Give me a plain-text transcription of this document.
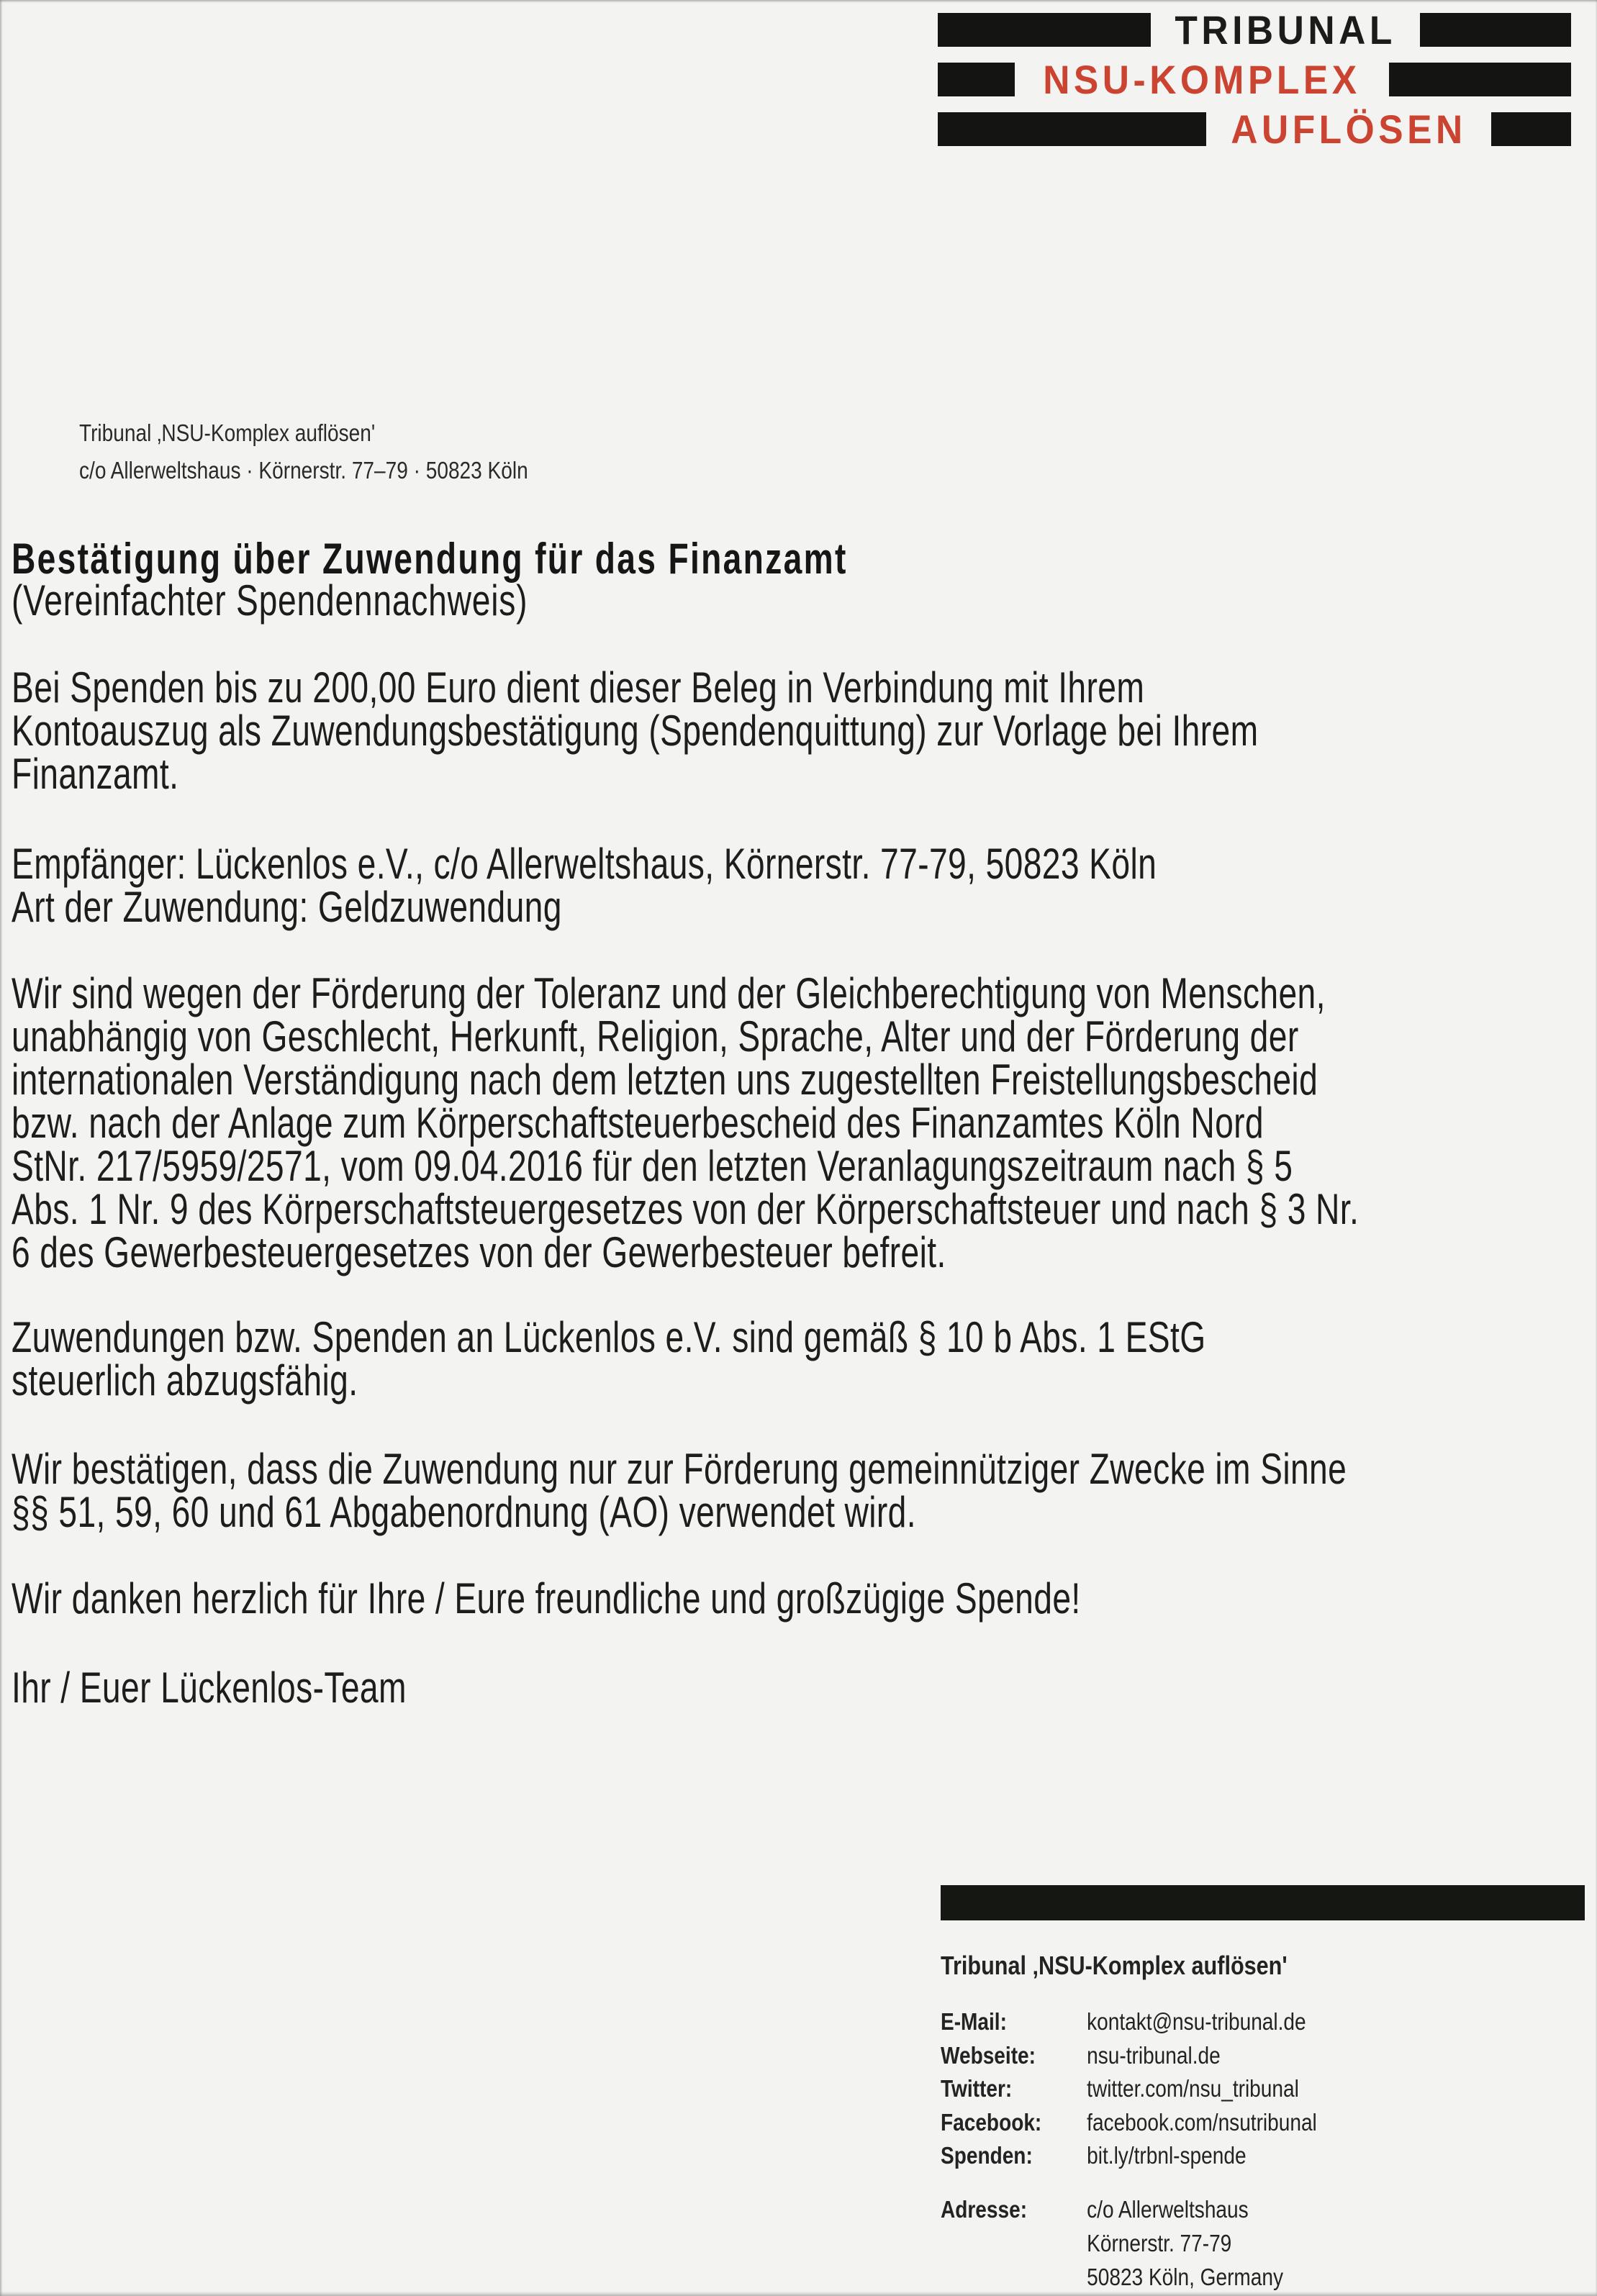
TRIBUNAL
NSU-KOMPLEX
AUFLÖSEN
Tribunal ‚NSU-Komplex auflösen'
c/o Allerweltshaus · Körnerstr. 77–79 · 50823 Köln
Bestätigung über Zuwendung für das Finanzamt
(Vereinfachter Spendennachweis)
Bei Spenden bis zu 200,00 Euro dient dieser Beleg in Verbindung mit Ihrem
Kontoauszug als Zuwendungsbestätigung (Spendenquittung) zur Vorlage bei Ihrem
Finanzamt.
Empfänger: Lückenlos e.V., c/o Allerweltshaus, Körnerstr. 77-79, 50823 Köln
Art der Zuwendung: Geldzuwendung
Wir sind wegen der Förderung der Toleranz und der Gleichberechtigung von Menschen,
unabhängig von Geschlecht, Herkunft, Religion, Sprache, Alter und der Förderung der
internationalen Verständigung nach dem letzten uns zugestellten Freistellungsbescheid
bzw. nach der Anlage zum Körperschaftsteuerbescheid des Finanzamtes Köln Nord
StNr. 217/5959/2571, vom 09.04.2016 für den letzten Veranlagungszeitraum nach § 5
Abs. 1 Nr. 9 des Körperschaftsteuergesetzes von der Körperschaftsteuer und nach § 3 Nr.
6 des Gewerbesteuergesetzes von der Gewerbesteuer befreit.
Zuwendungen bzw. Spenden an Lückenlos e.V. sind gemäß § 10 b Abs. 1 EStG
steuerlich abzugsfähig.
Wir bestätigen, dass die Zuwendung nur zur Förderung gemeinnütziger Zwecke im Sinne
§§ 51, 59, 60 und 61 Abgabenordnung (AO) verwendet wird.
Wir danken herzlich für Ihre / Eure freundliche und großzügige Spende!
Ihr / Euer Lückenlos-Team
Tribunal ‚NSU-Komplex auflösen'
E-Mail:	kontakt@nsu-tribunal.de
Webseite:	nsu-tribunal.de
Twitter:	twitter.com/nsu_tribunal
Facebook:	facebook.com/nsutribunal
Spenden:	bit.ly/trbnl-spende
Adresse:	c/o Allerweltshaus
Körnerstr. 77-79
50823 Köln, Germany
